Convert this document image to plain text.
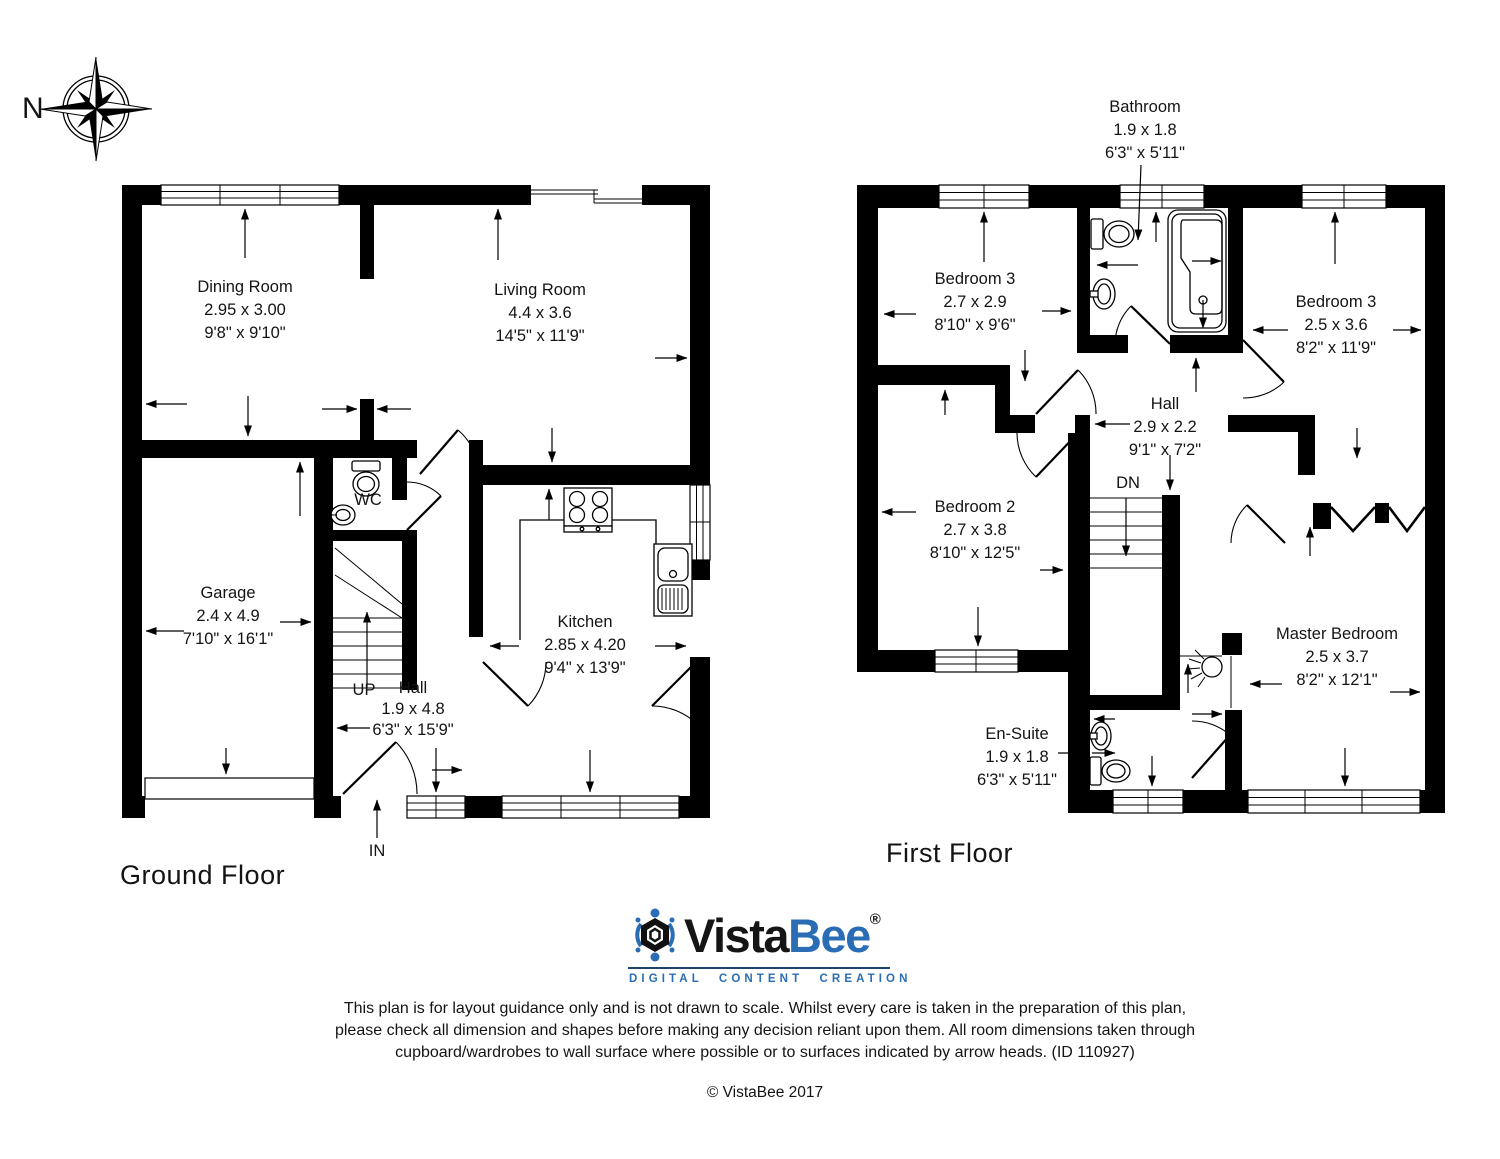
N
Dining Room
2.95 x 3.00
9'8" x 9'10"
Living Room
4.4 x 3.6
14'5" x 11'9"
WC
Garage
2.4 x 4.9
7'10" x 16'1"
Kitchen
2.85 x 4.20
9'4" x 13'9"
Hall
1.9 x 4.8
6'3" x 15'9"
UP
IN
Ground Floor
Bathroom
1.9 x 1.8
6'3" x 5'11"
Bedroom 3
2.7 x 2.9
8'10" x 9'6"
Bedroom 3
2.5 x 3.6
8'2" x 11'9"
Hall
2.9 x 2.2
9'1" x 7'2"
DN
Bedroom 2
2.7 x 3.8
8'10" x 12'5"
Master Bedroom
2.5 x 3.7
8'2" x 12'1"
En-Suite
1.9 x 1.8
6'3" x 5'11"
First Floor
VistaBee®
DIGITAL CONTENT CREATION
This plan is for layout guidance only and is not drawn to scale. Whilst every care is taken in the preparation of this plan,
please check all dimension and shapes before making any decision reliant upon them. All room dimensions taken through
cupboard/wardrobes to wall surface where possible or to surfaces indicated by arrow heads. (ID 110927)
© VistaBee 2017
